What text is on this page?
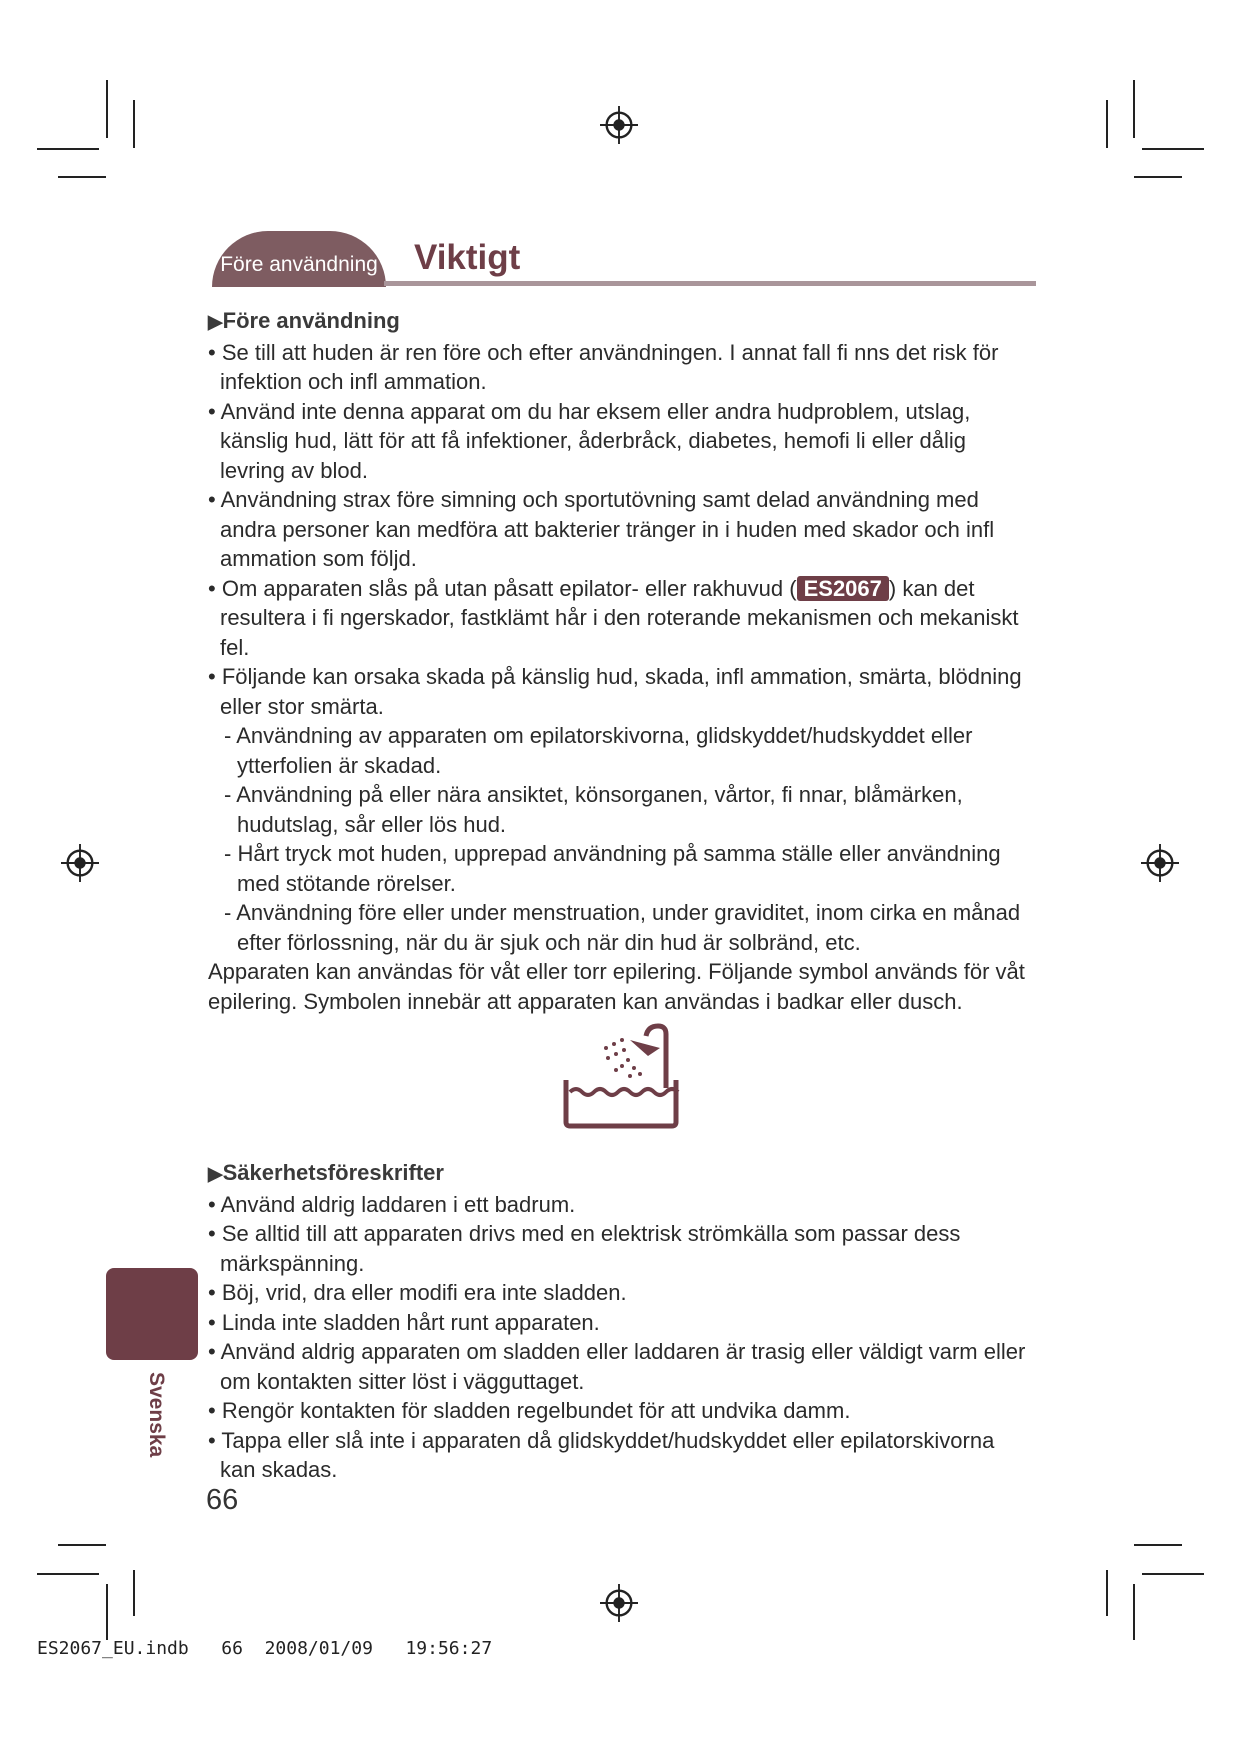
Före användning Viktigt

▶Före användning

• Se till att huden är ren före och efter användningen. I annat fall fi nns det risk för infektion och infl ammation.

• Använd inte denna apparat om du har eksem eller andra hudproblem, utslag, känslig hud, lätt för att få infektioner, åderbråck, diabetes, hemofi li eller dålig levring av blod.

• Användning strax före simning och sportutövning samt delad användning med andra personer kan medföra att bakterier tränger in i huden med skador och infl ammation som följd.

• Om apparaten slås på utan påsatt epilator- eller rakhuvud ( ES2067 ) kan det resultera i fi ngerskador, fastklämt hår i den roterande mekanismen och mekaniskt fel.

• Följande kan orsaka skada på känslig hud, skada, infl ammation, smärta, blödning eller stor smärta.

- Användning av apparaten om epilatorskivorna, glidskyddet/hudskyddet eller ytterfolien är skadad.

- Användning på eller nära ansiktet, könsorganen, vårtor, fi nnar, blåmärken, hudutslag, sår eller lös hud.

- Hårt tryck mot huden, upprepad användning på samma ställe eller användning med stötande rörelser.

- Användning före eller under menstruation, under graviditet, inom cirka en månad efter förlossning, när du är sjuk och när din hud är solbränd, etc.

Apparaten kan användas för våt eller torr epilering. Följande symbol används för våt epilering. Symbolen innebär att apparaten kan användas i badkar eller dusch.

▶Säkerhetsföreskrifter

• Använd aldrig laddaren i ett badrum.

• Se alltid till att apparaten drivs med en elektrisk strömkälla som passar dess märkspänning.

• Böj, vrid, dra eller modifi era inte sladden.

• Linda inte sladden hårt runt apparaten.

• Använd aldrig apparaten om sladden eller laddaren är trasig eller väldigt varm eller om kontakten sitter löst i vägguttaget.

• Rengör kontakten för sladden regelbundet för att undvika damm.

• Tappa eller slå inte i apparaten då glidskyddet/hudskyddet eller epilatorskivorna kan skadas.

Svenska
66
ES2067_EU.indb   66  2008/01/09   19:56:27
